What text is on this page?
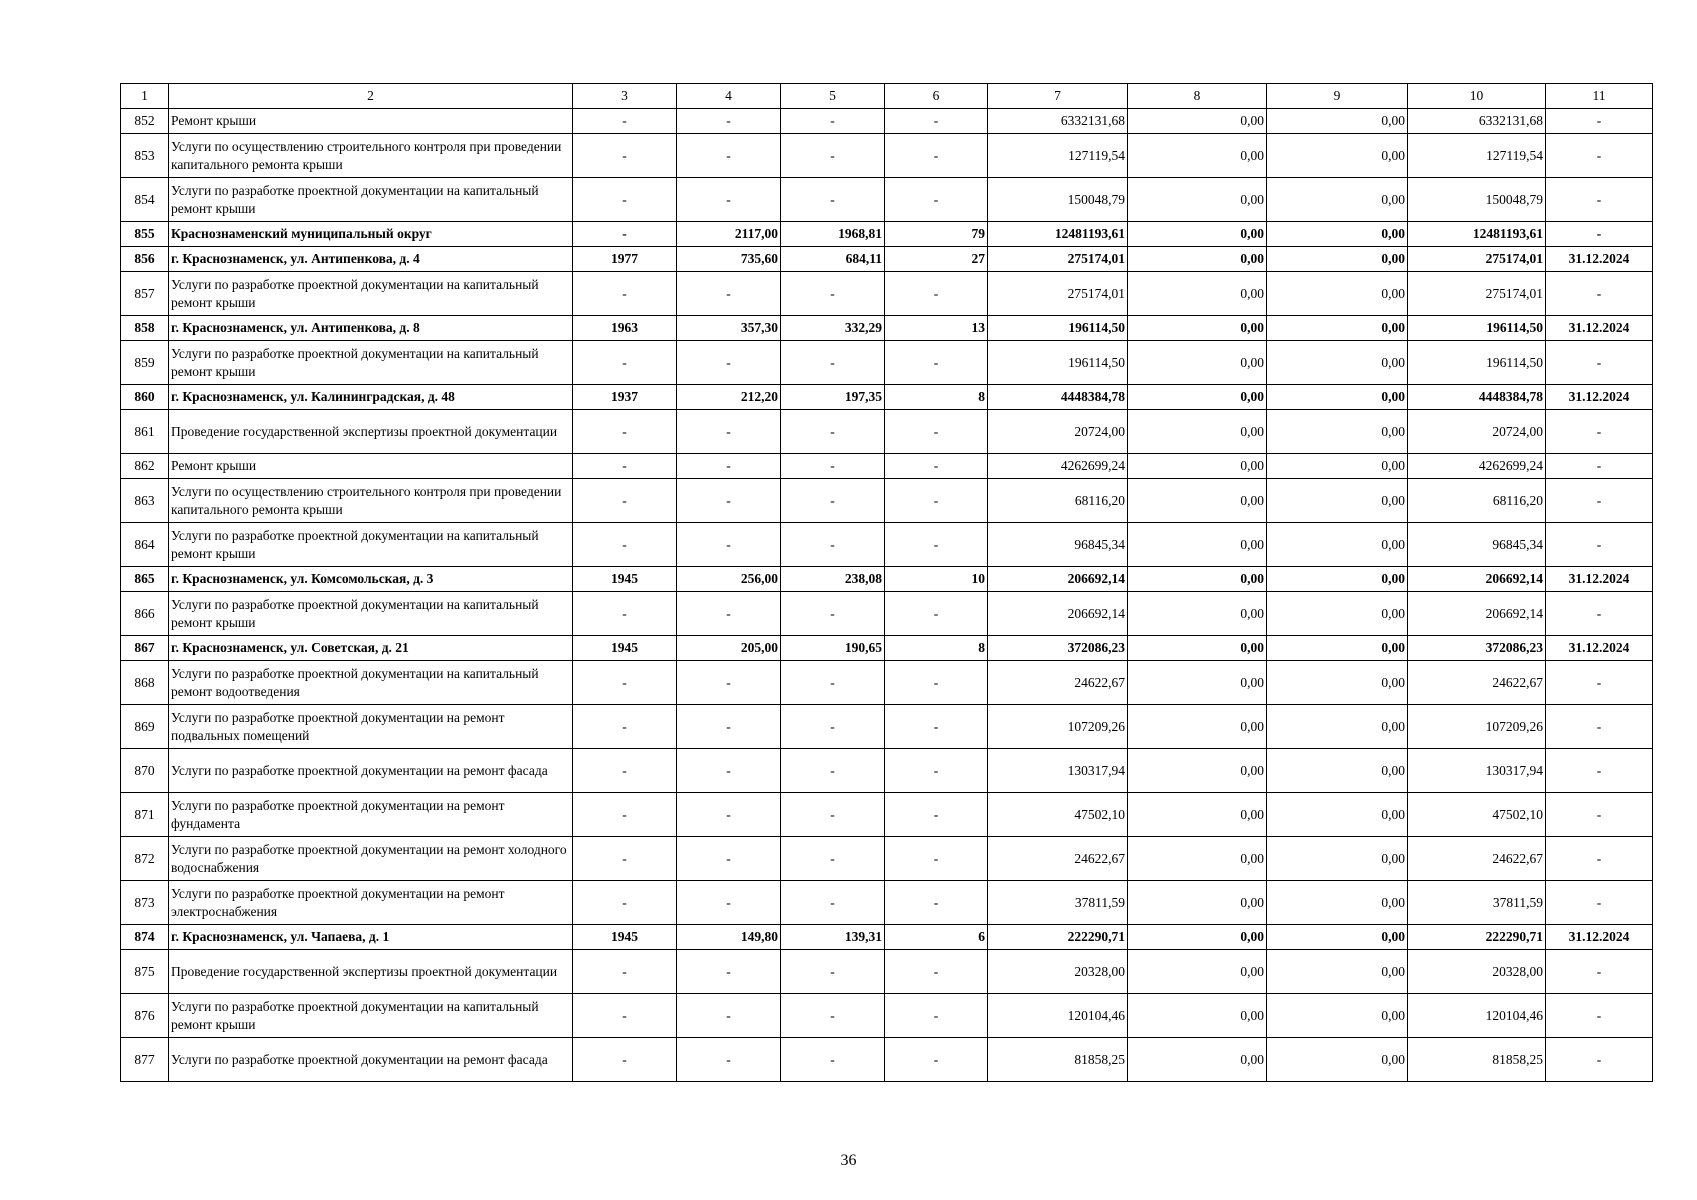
1	2	3	4	5	6	7	8	9	10	11
852	Ремонт крыши	-	-	-	-	6332131,68	0,00	0,00	6332131,68	-
853	Услуги по осуществлению строительного контроля при проведении капитального ремонта крыши	-	-	-	-	127119,54	0,00	0,00	127119,54	-
854	Услуги по разработке проектной документации на капитальный ремонт крыши	-	-	-	-	150048,79	0,00	0,00	150048,79	-
855	Краснознаменский муниципальный округ	-	2117,00	1968,81	79	12481193,61	0,00	0,00	12481193,61	-
856	г. Краснознаменск, ул. Антипенкова, д. 4	1977	735,60	684,11	27	275174,01	0,00	0,00	275174,01	31.12.2024
857	Услуги по разработке проектной документации на капитальный ремонт крыши	-	-	-	-	275174,01	0,00	0,00	275174,01	-
858	г. Краснознаменск, ул. Антипенкова, д. 8	1963	357,30	332,29	13	196114,50	0,00	0,00	196114,50	31.12.2024
859	Услуги по разработке проектной документации на капитальный ремонт крыши	-	-	-	-	196114,50	0,00	0,00	196114,50	-
860	г. Краснознаменск, ул. Калининградская, д. 48	1937	212,20	197,35	8	4448384,78	0,00	0,00	4448384,78	31.12.2024
861	Проведение государственной экспертизы проектной документации	-	-	-	-	20724,00	0,00	0,00	20724,00	-
862	Ремонт крыши	-	-	-	-	4262699,24	0,00	0,00	4262699,24	-
863	Услуги по осуществлению строительного контроля при проведении капитального ремонта крыши	-	-	-	-	68116,20	0,00	0,00	68116,20	-
864	Услуги по разработке проектной документации на капитальный ремонт крыши	-	-	-	-	96845,34	0,00	0,00	96845,34	-
865	г. Краснознаменск, ул. Комсомольская, д. 3	1945	256,00	238,08	10	206692,14	0,00	0,00	206692,14	31.12.2024
866	Услуги по разработке проектной документации на капитальный ремонт крыши	-	-	-	-	206692,14	0,00	0,00	206692,14	-
867	г. Краснознаменск, ул. Советская, д. 21	1945	205,00	190,65	8	372086,23	0,00	0,00	372086,23	31.12.2024
868	Услуги по разработке проектной документации на капитальный ремонт водоотведения	-	-	-	-	24622,67	0,00	0,00	24622,67	-
869	Услуги по разработке проектной документации на ремонт подвальных помещений	-	-	-	-	107209,26	0,00	0,00	107209,26	-
870	Услуги по разработке проектной документации на ремонт фасада	-	-	-	-	130317,94	0,00	0,00	130317,94	-
871	Услуги по разработке проектной документации на ремонт фундамента	-	-	-	-	47502,10	0,00	0,00	47502,10	-
872	Услуги по разработке проектной документации на ремонт холодного водоснабжения	-	-	-	-	24622,67	0,00	0,00	24622,67	-
873	Услуги по разработке проектной документации на ремонт электроснабжения	-	-	-	-	37811,59	0,00	0,00	37811,59	-
874	г. Краснознаменск, ул. Чапаева, д. 1	1945	149,80	139,31	6	222290,71	0,00	0,00	222290,71	31.12.2024
875	Проведение государственной экспертизы проектной документации	-	-	-	-	20328,00	0,00	0,00	20328,00	-
876	Услуги по разработке проектной документации на капитальный ремонт крыши	-	-	-	-	120104,46	0,00	0,00	120104,46	-
877	Услуги по разработке проектной документации на ремонт фасада	-	-	-	-	81858,25	0,00	0,00	81858,25	-
36
